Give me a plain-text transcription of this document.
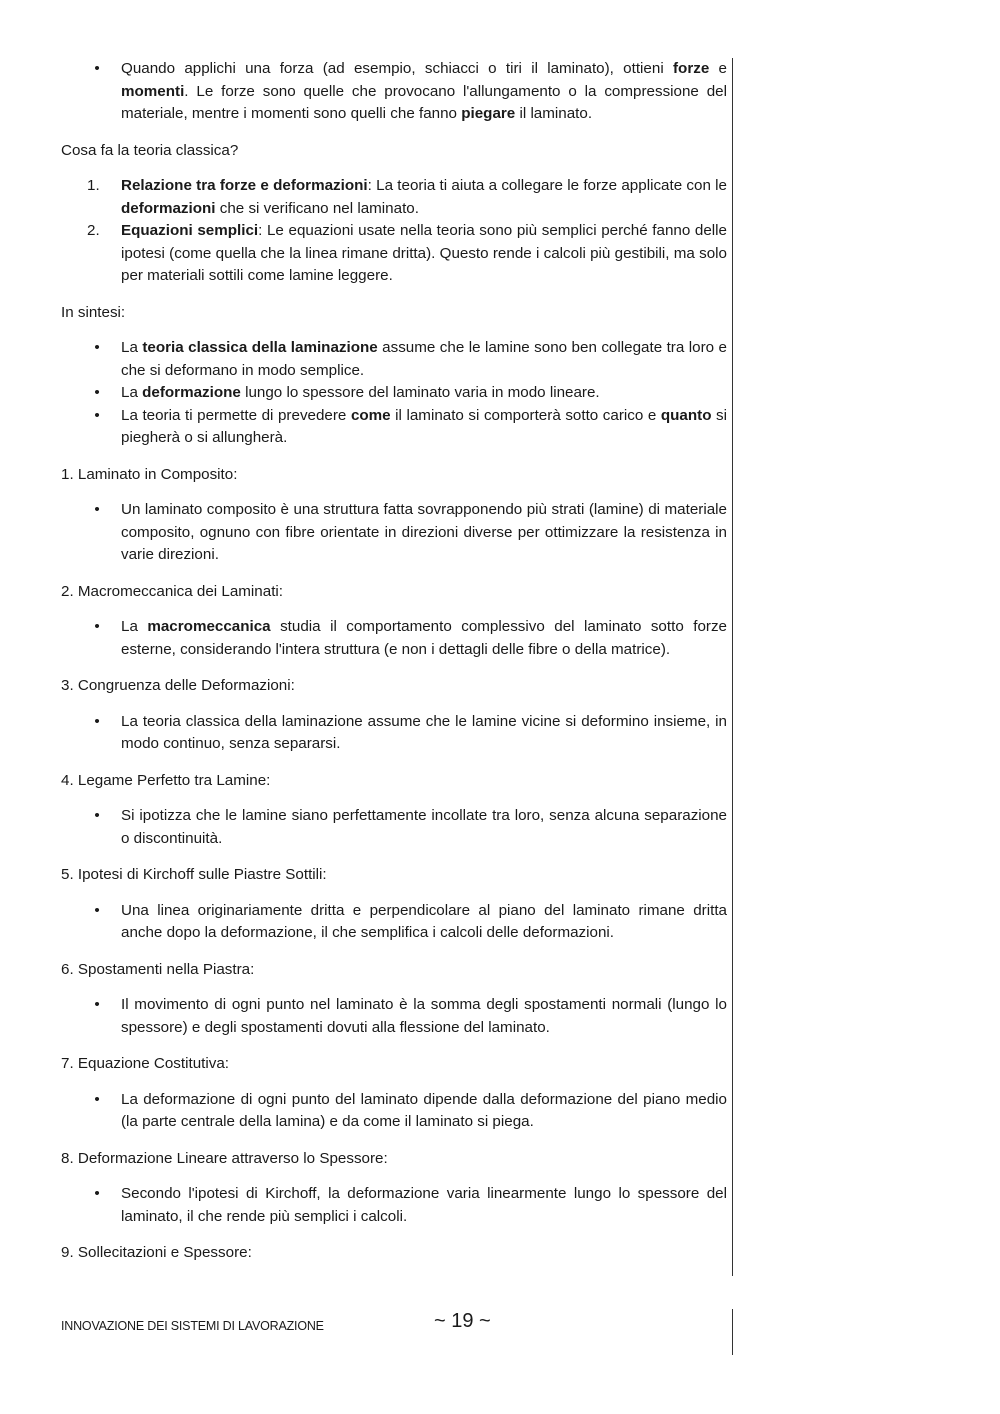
• Quando applichi una forza (ad esempio, schiacci o tiri il laminato), ottieni forze e momenti. Le forze sono quelle che provocano l'allungamento o la compressione del materiale, mentre i momenti sono quelli che fanno piegare il laminato.

Cosa fa la teoria classica?

1.	Relazione tra forze e deformazioni: La teoria ti aiuta a collegare le forze applicate con le deformazioni che si verificano nel laminato.
2.	Equazioni semplici: Le equazioni usate nella teoria sono più semplici perché fanno delle ipotesi (come quella che la linea rimane dritta). Questo rende i calcoli più gestibili, ma solo per materiali sottili come lamine leggere.

In sintesi:

• La teoria classica della laminazione assume che le lamine sono ben collegate tra loro e che si deformano in modo semplice.
• La deformazione lungo lo spessore del laminato varia in modo lineare.
• La teoria ti permette di prevedere come il laminato si comporterà sotto carico e quanto si piegherà o si allungherà.

1. Laminato in Composito:

• Un laminato composito è una struttura fatta sovrapponendo più strati (lamine) di materiale composito, ognuno con fibre orientate in direzioni diverse per ottimizzare la resistenza in varie direzioni.

2. Macromeccanica dei Laminati:

• La macromeccanica studia il comportamento complessivo del laminato sotto forze esterne, considerando l'intera struttura (e non i dettagli delle fibre o della matrice).

3. Congruenza delle Deformazioni:

• La teoria classica della laminazione assume che le lamine vicine si deformino insieme, in modo continuo, senza separarsi.

4. Legame Perfetto tra Lamine:

• Si ipotizza che le lamine siano perfettamente incollate tra loro, senza alcuna separazione o discontinuità.

5. Ipotesi di Kirchoff sulle Piastre Sottili:

• Una linea originariamente dritta e perpendicolare al piano del laminato rimane dritta anche dopo la deformazione, il che semplifica i calcoli delle deformazioni.

6. Spostamenti nella Piastra:

• Il movimento di ogni punto nel laminato è la somma degli spostamenti normali (lungo lo spessore) e degli spostamenti dovuti alla flessione del laminato.

7. Equazione Costitutiva:

• La deformazione di ogni punto del laminato dipende dalla deformazione del piano medio (la parte centrale della lamina) e da come il laminato si piega.

8. Deformazione Lineare attraverso lo Spessore:

• Secondo l'ipotesi di Kirchoff, la deformazione varia linearmente lungo lo spessore del laminato, il che rende più semplici i calcoli.

9. Sollecitazioni e Spessore:

INNOVAZIONE DEI SISTEMI DI LAVORAZIONE	~ 19 ~
